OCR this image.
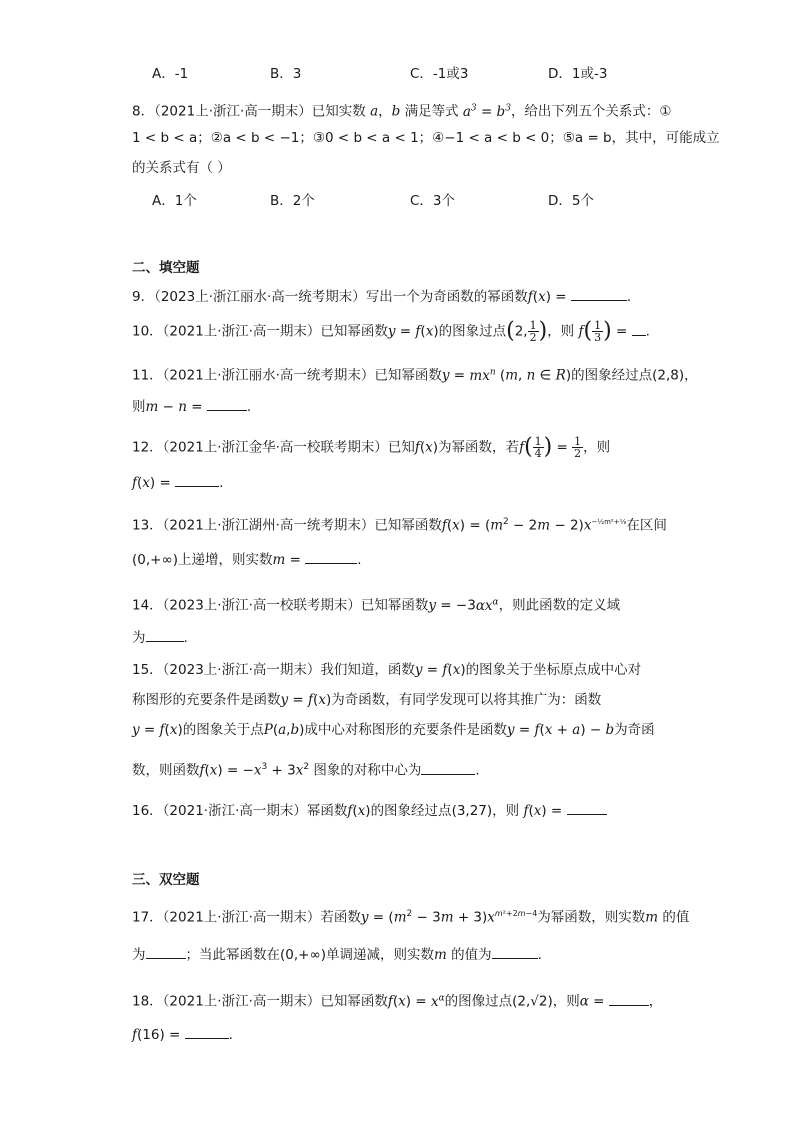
A．-1	B．3	C．-1或3	D．1或-3
8．（2021上·浙江·高一期末）已知实数 a，b 满足等式 $a^3 = b^3$，给出下列五个关系式：①
1 < b < a；②a < b < −1；③0 < b < a < 1；④−1 < a < b < 0；⑤a = b，其中，可能成立
的关系式有（ ）
A．1个	B．2个	C．3个	D．5个
二、填空题
9．（2023上·浙江丽水·高一统考期末）写出一个为奇函数的幂函数f(x) =	.
10．（2021上·浙江·高一期末）已知幂函数y = f(x)的图象过点(2, $\frac{1}{2}$ )，则 $f( \frac{1}{3}$ ) = .
11．（2021上·浙江丽水·高一统考期末）已知幂函数$y = mx^n$ (m, n ∈ R)的图象经过点(2,8)，
则m − n =	.
12．（2021上·浙江金华·高一校联考期末）已知f(x)为幂函数，若$f( \frac{1}{4}$ ) = $\frac{1}{2}$ ，则
f(x) =	.
13．（2021上·浙江湖州·高一统考期末）已知幂函数$f(x) = (m^2 - 2m - 2)x^{-\frac{1}{2}m^2+\frac{1}{8}}$在区间
(0,+∞)上递增，则实数m =	.
14．（2023上·浙江·高一校联考期末）已知幂函数$y = -3\alpha x^\alpha$，则此函数的定义域
为	.
15．（2023上·浙江·高一期末）我们知道，函数y = f(x)的图象关于坐标原点成中心对
称图形的充要条件是函数y = f(x)为奇函数，有同学发现可以将其推广为：函数
y = f(x)的图象关于点P(a,b)成中心对称图形的充要条件是函数y = f(x + a) − b为奇函
数，则函数$f(x) = -x^3 + 3x^2$ 图象的对称中心为	.
16．（2021·浙江·高一期末）幂函数f(x)的图象经过点(3,27)，则 f(x) =
三、双空题
17．（2021上·浙江·高一期末）若函数$y = (m^2 - 3m + 3)x^{m^2+2m-4}$为幂函数，则实数m 的值
为	；当此幂函数在(0,+∞)单调递减，则实数m 的值为	.
18．（2021上·浙江·高一期末）已知幂函数$f(x) = x^\alpha$的图像过点(2,√2)，则α =	，
f(16) =	.
